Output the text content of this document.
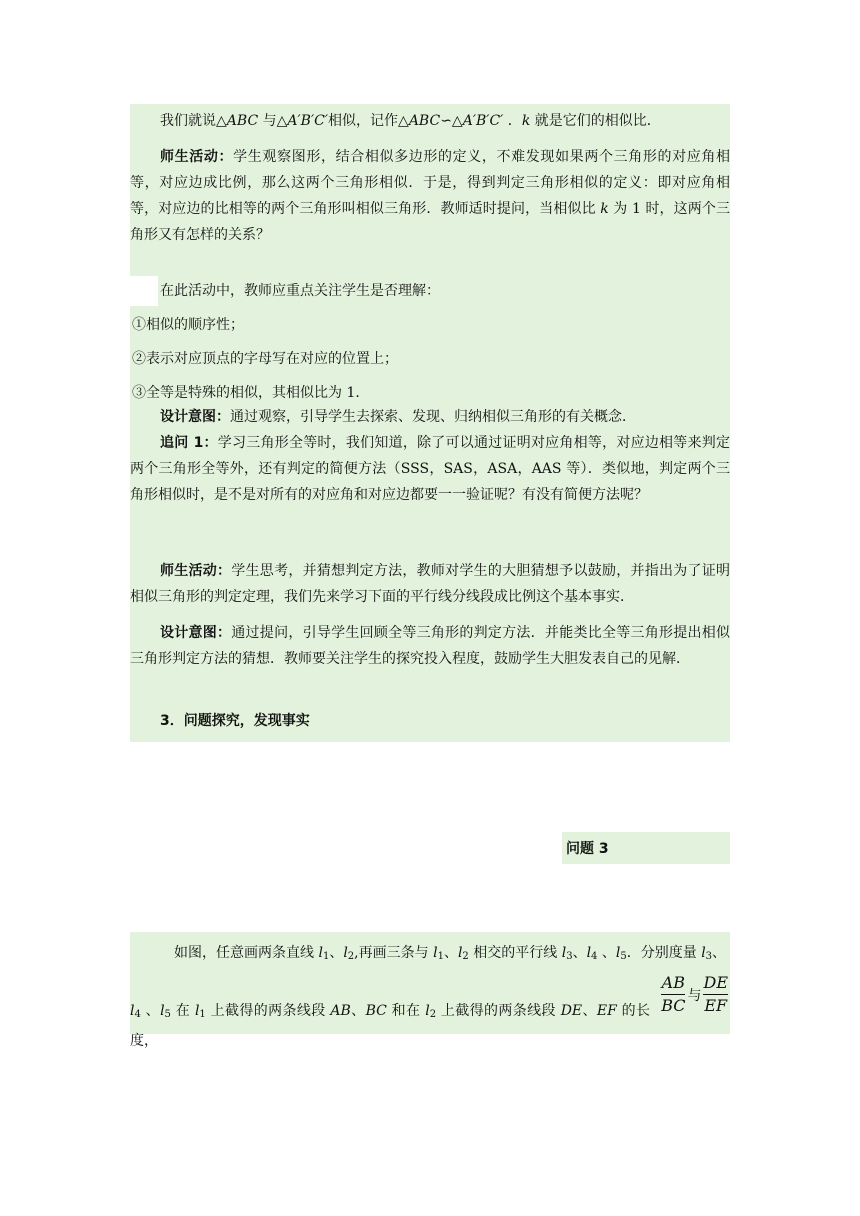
我们就说△ABC 与△A′B′C′相似，记作△ABC∽△A′B′C′ ．k 就是它们的相似比．

师生活动：学生观察图形，结合相似多边形的定义，不难发现如果两个三角形的对应角相等，对应边成比例，那么这两个三角形相似．于是，得到判定三角形相似的定义：即对应角相等，对应边的比相等的两个三角形叫相似三角形．教师适时提问，当相似比 k 为 1 时，这两个三角形又有怎样的关系？

在此活动中，教师应重点关注学生是否理解：

①相似的顺序性；

②表示对应顶点的字母写在对应的位置上；

③全等是特殊的相似，其相似比为 1．

设计意图：通过观察，引导学生去探索、发现、归纳相似三角形的有关概念．

追问 1：学习三角形全等时，我们知道，除了可以通过证明对应角相等，对应边相等来判定两个三角形全等外，还有判定的简便方法（SSS，SAS，ASA，AAS 等）．类似地，判定两个三角形相似时，是不是对所有的对应角和对应边都要一一验证呢？有没有简便方法呢？

师生活动：学生思考，并猜想判定方法，教师对学生的大胆猜想予以鼓励，并指出为了证明相似三角形的判定定理，我们先来学习下面的平行线分线段成比例这个基本事实．

设计意图：通过提问，引导学生回顾全等三角形的判定方法．并能类比全等三角形提出相似三角形判定方法的猜想．教师要关注学生的探究投入程度，鼓励学生大胆发表自己的见解．

3．问题探究，发现事实

问题 3

如图，任意画两条直线 $l_1$、$l_2$,再画三条与 $l_1$、$l_2$ 相交的平行线 $l_3$、$l_4$ 、$l_5$．分别度量 $l_3$、

$l_4$ 、$l_5$ 在 $l_1$ 上截得的两条线段 AB、BC 和在 $l_2$ 上截得的两条线段 DE、EF 的长度，

$\frac{AB}{BC}$ 与 $\frac{DE}{EF}$
